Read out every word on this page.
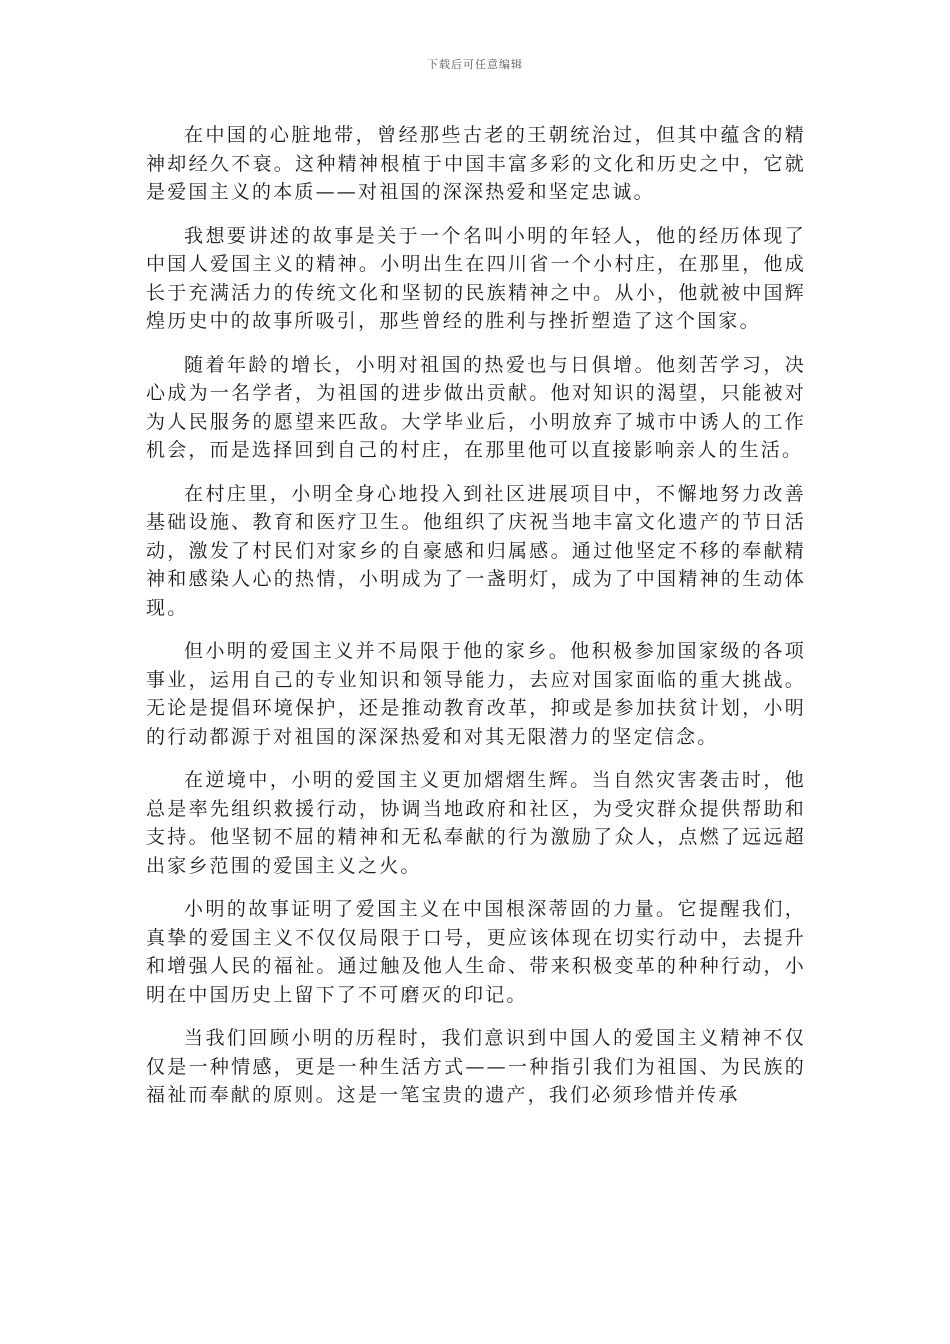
下载后可任意编辑

在中国的心脏地带，曾经那些古老的王朝统治过，但其中蕴含的精神却经久不衰。这种精神根植于中国丰富多彩的文化和历史之中，它就是爱国主义的本质——对祖国的深深热爱和坚定忠诚。

我想要讲述的故事是关于一个名叫小明的年轻人，他的经历体现了中国人爱国主义的精神。小明出生在四川省一个小村庄，在那里，他成长于充满活力的传统文化和坚韧的民族精神之中。从小，他就被中国辉煌历史中的故事所吸引，那些曾经的胜利与挫折塑造了这个国家。

随着年龄的增长，小明对祖国的热爱也与日俱增。他刻苦学习，决心成为一名学者，为祖国的进步做出贡献。他对知识的渴望，只能被对为人民服务的愿望来匹敌。大学毕业后，小明放弃了城市中诱人的工作机会，而是选择回到自己的村庄，在那里他可以直接影响亲人的生活。

在村庄里，小明全身心地投入到社区进展项目中，不懈地努力改善基础设施、教育和医疗卫生。他组织了庆祝当地丰富文化遗产的节日活动，激发了村民们对家乡的自豪感和归属感。通过他坚定不移的奉献精神和感染人心的热情，小明成为了一盏明灯，成为了中国精神的生动体现。

但小明的爱国主义并不局限于他的家乡。他积极参加国家级的各项事业，运用自己的专业知识和领导能力，去应对国家面临的重大挑战。无论是提倡环境保护，还是推动教育改革，抑或是参加扶贫计划，小明的行动都源于对祖国的深深热爱和对其无限潜力的坚定信念。

在逆境中，小明的爱国主义更加熠熠生辉。当自然灾害袭击时，他总是率先组织救援行动，协调当地政府和社区，为受灾群众提供帮助和支持。他坚韧不屈的精神和无私奉献的行为激励了众人，点燃了远远超出家乡范围的爱国主义之火。

小明的故事证明了爱国主义在中国根深蒂固的力量。它提醒我们，真挚的爱国主义不仅仅局限于口号，更应该体现在切实行动中，去提升和增强人民的福祉。通过触及他人生命、带来积极变革的种种行动，小明在中国历史上留下了不可磨灭的印记。

当我们回顾小明的历程时，我们意识到中国人的爱国主义精神不仅仅是一种情感，更是一种生活方式——一种指引我们为祖国、为民族的福祉而奉献的原则。这是一笔宝贵的遗产，我们必须珍惜并传承
